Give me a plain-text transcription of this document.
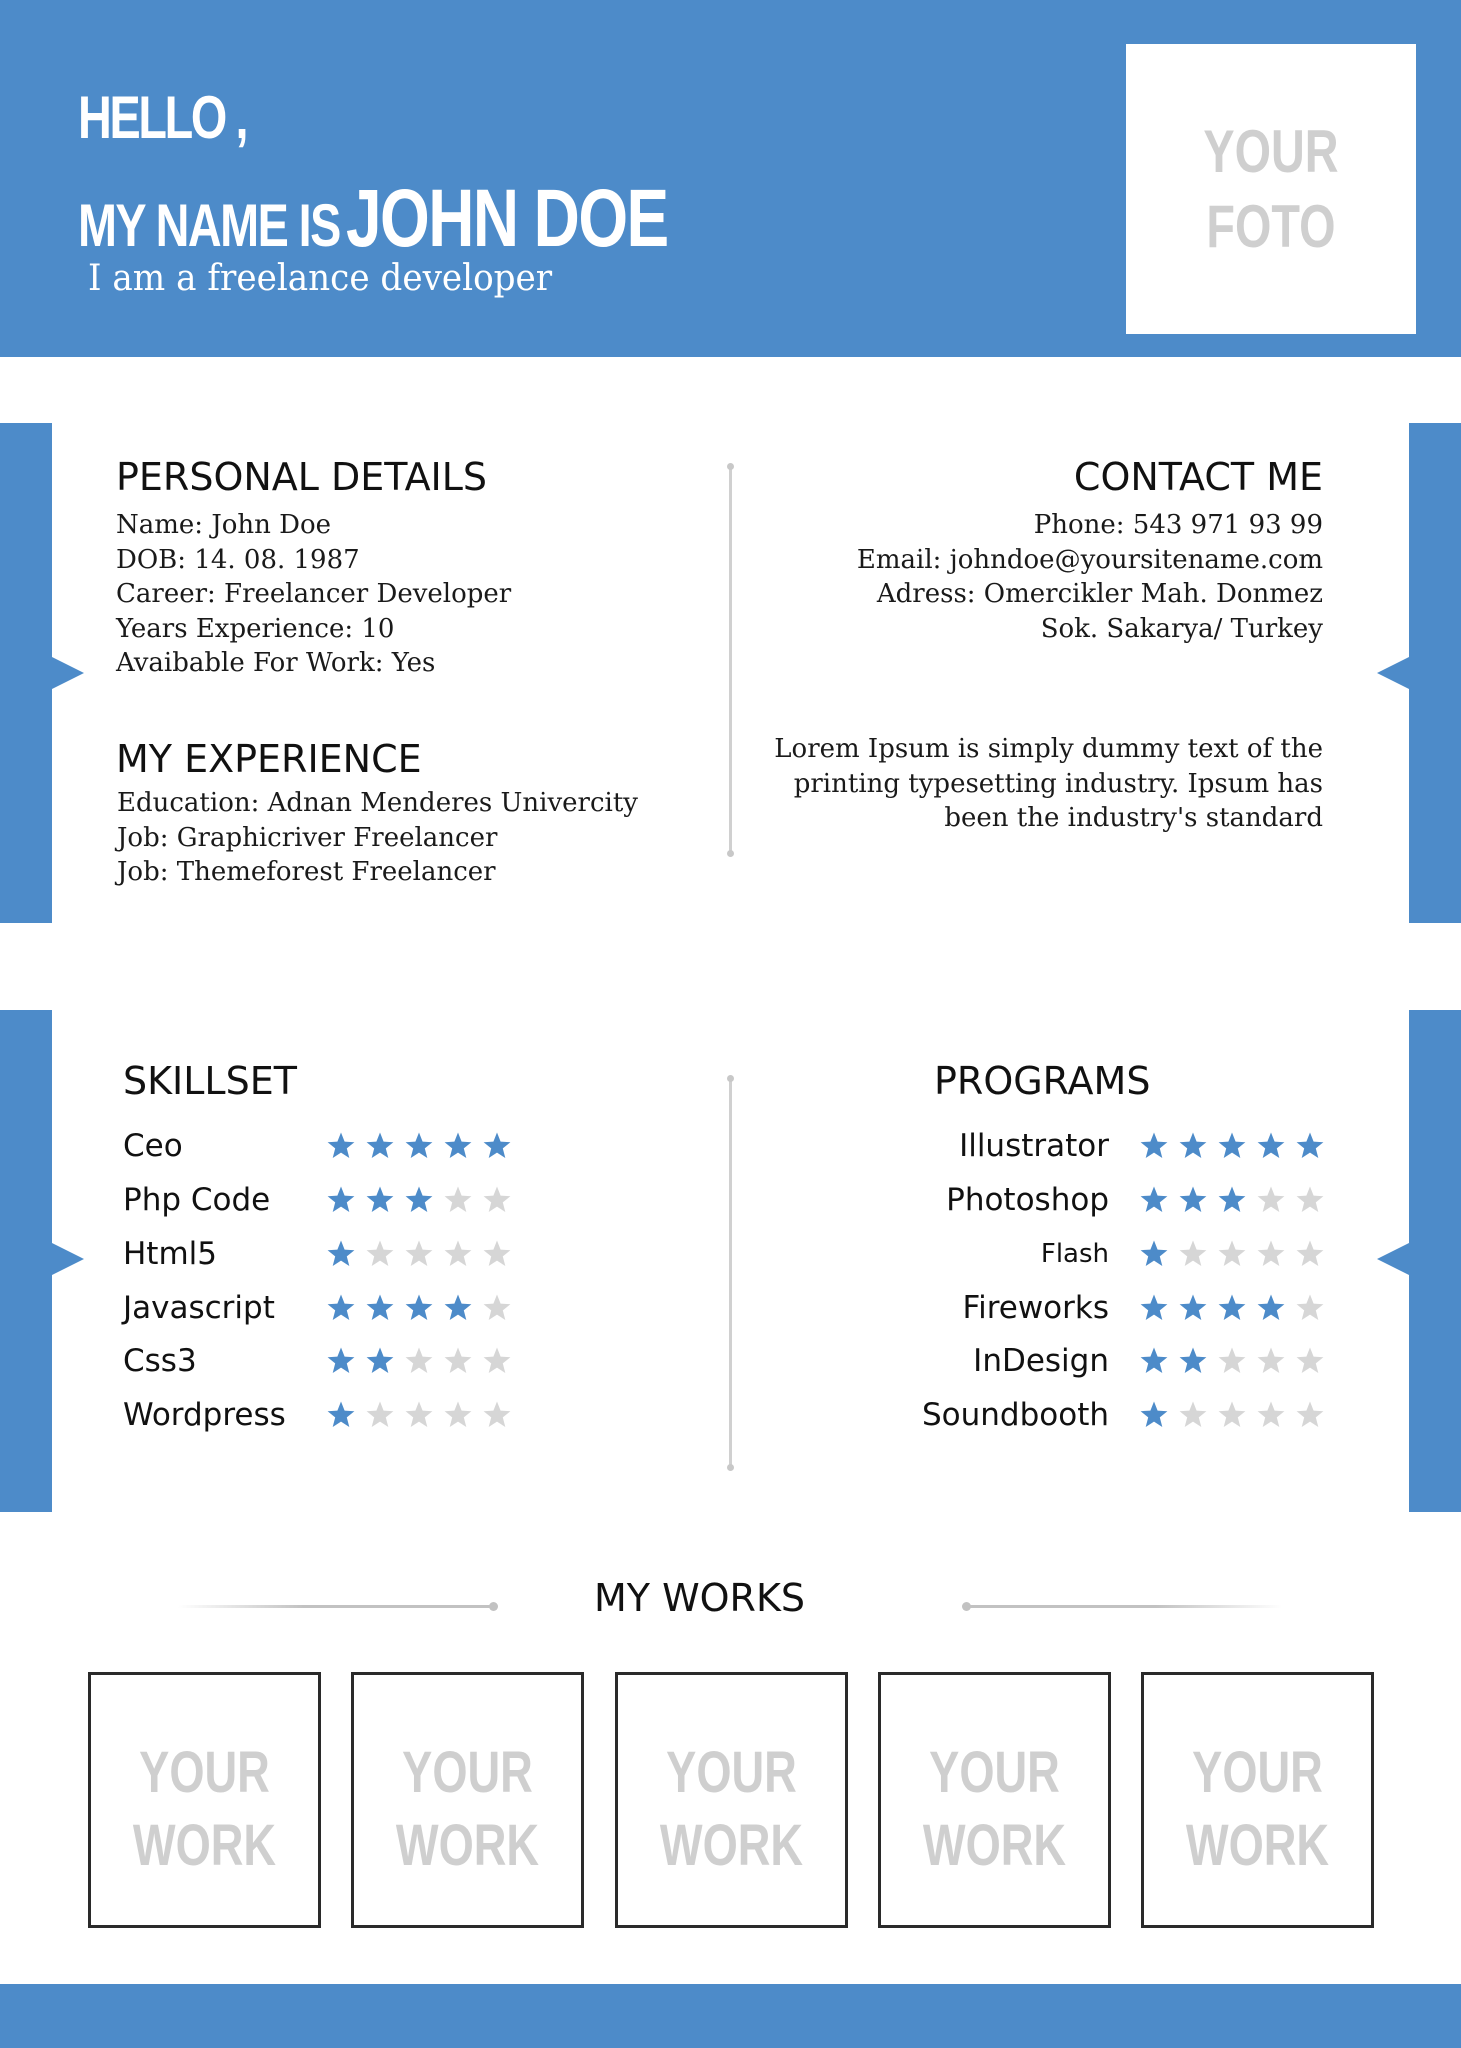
HELLO ,
MY NAME ISJOHN DOE
I am a freelance developer
YOUR
FOTO
PERSONAL DETAILS
Name: John Doe
DOB: 14. 08. 1987
Career: Freelancer Developer
Years Experience: 10
Avaibable For Work: Yes
MY EXPERIENCE
Education: Adnan Menderes Univercity
Job: Graphicriver Freelancer
Job: Themeforest Freelancer
CONTACT ME
Phone: 543 971 93 99
Email: johndoe@yoursitename.com
Adress: Omercikler Mah. Donmez
Sok. Sakarya/ Turkey
Lorem Ipsum is simply dummy text of the
printing typesetting industry. Ipsum has
been the industry's standard
SKILLSET	PROGRAMS
Ceo
Php Code
Html5
Javascript
Css3
Wordpress
Illustrator
Photoshop
Flash
Fireworks
InDesign
Soundbooth
MY WORKS
YOUR
WORK
YOUR
WORK
YOUR
WORK
YOUR
WORK
YOUR
WORK
